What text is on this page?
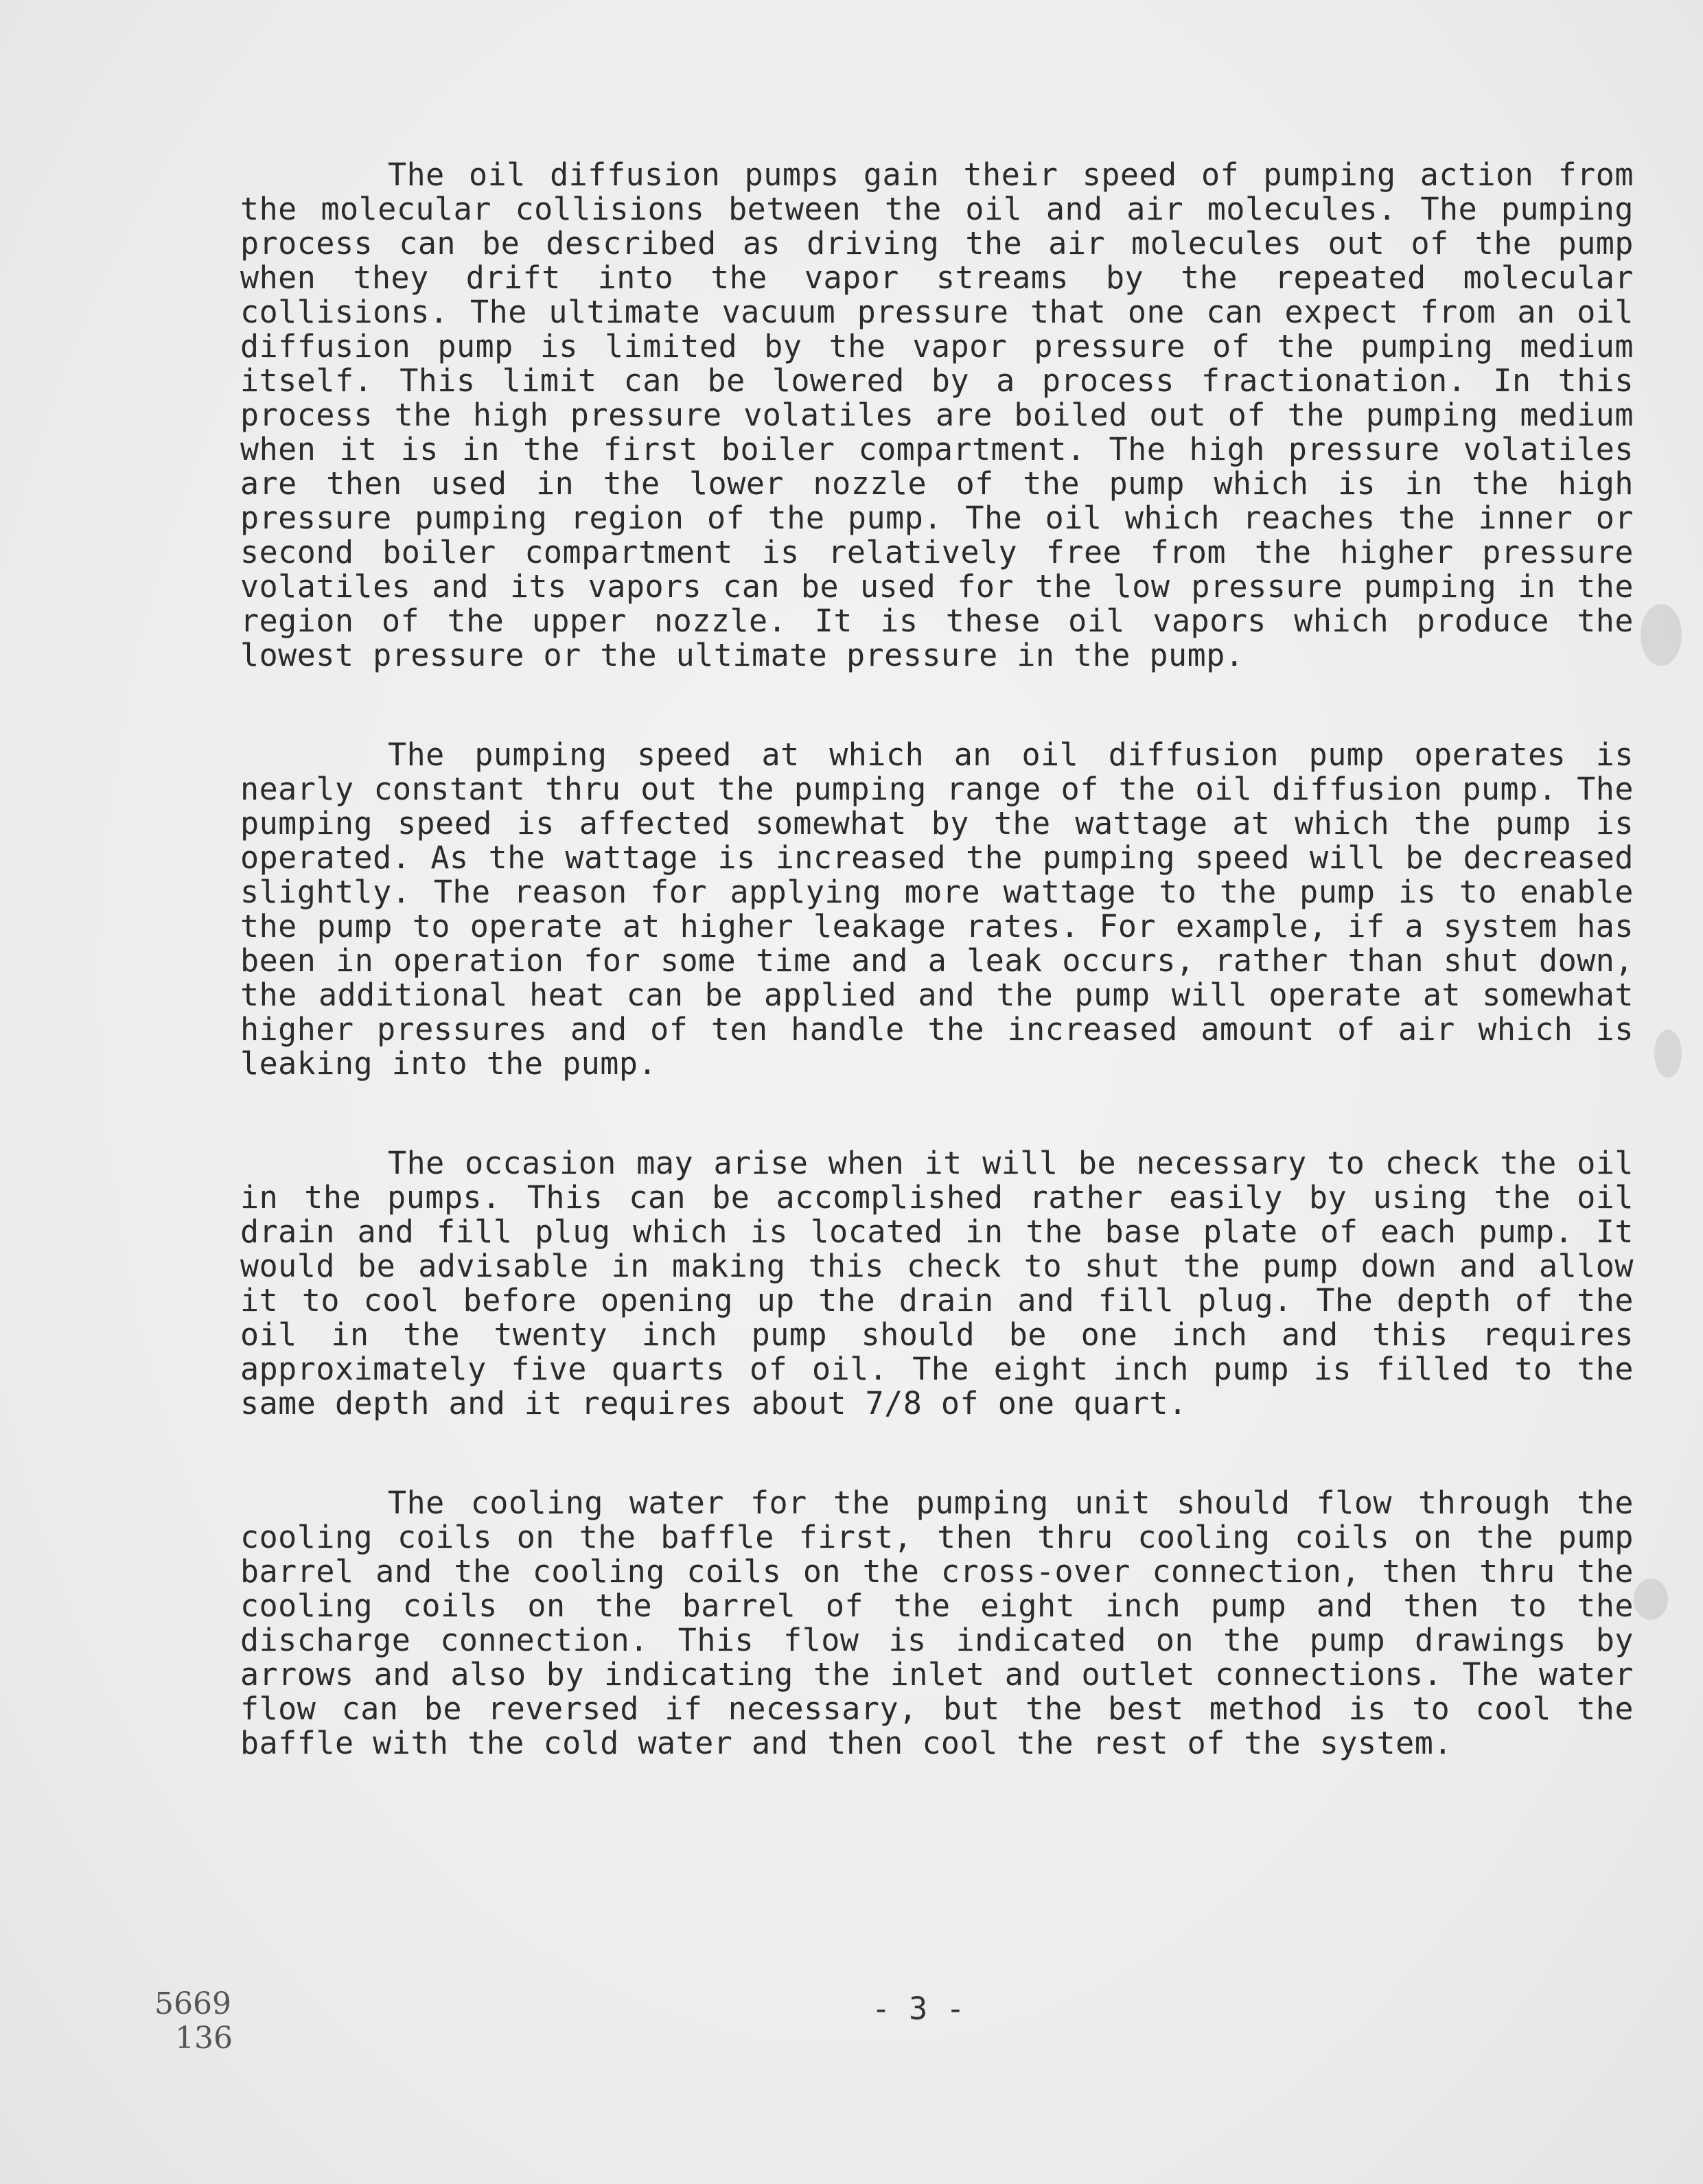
The oil diffusion pumps gain their speed of pumping action from the molecular collisions between the oil and air molecules. The pumping process can be described as driving the air molecules out of the pump when they drift into the vapor streams by the repeated molecular collisions. The ultimate vacuum pressure that one can expect from an oil diffusion pump is limited by the vapor pressure of the pumping medium itself. This limit can be lowered by a process fractionation. In this process the high pressure volatiles are boiled out of the pumping medium when it is in the first boiler compartment. The high pressure volatiles are then used in the lower nozzle of the pump which is in the high pressure pumping region of the pump. The oil which reaches the inner or second boiler compartment is relatively free from the higher pressure volatiles and its vapors can be used for the low pressure pumping in the region of the upper nozzle. It is these oil vapors which produce the lowest pressure or the ultimate pressure in the pump.

The pumping speed at which an oil diffusion pump operates is nearly constant thru out the pumping range of the oil diffusion pump. The pumping speed is affected somewhat by the wattage at which the pump is operated. As the wattage is increased the pumping speed will be decreased slightly. The reason for applying more wattage to the pump is to enable the pump to operate at higher leakage rates. For example, if a system has been in operation for some time and a leak occurs, rather than shut down, the additional heat can be applied and the pump will operate at somewhat higher pressures and of ten handle the increased amount of air which is leaking into the pump.

The occasion may arise when it will be necessary to check the oil in the pumps. This can be accomplished rather easily by using the oil drain and fill plug which is located in the base plate of each pump. It would be advisable in making this check to shut the pump down and allow it to cool before opening up the drain and fill plug. The depth of the oil in the twenty inch pump should be one inch and this requires approximately five quarts of oil. The eight inch pump is filled to the same depth and it requires about 7/8 of one quart.

The cooling water for the pumping unit should flow through the cooling coils on the baffle first, then thru cooling coils on the pump barrel and the cooling coils on the cross-over connection, then thru the cooling coils on the barrel of the eight inch pump and then to the discharge connection. This flow is indicated on the pump drawings by arrows and also by indicating the inlet and outlet connections. The water flow can be reversed if necessary, but the best method is to cool the baffle with the cold water and then cool the rest of the system.

5669
136
- 3 -
